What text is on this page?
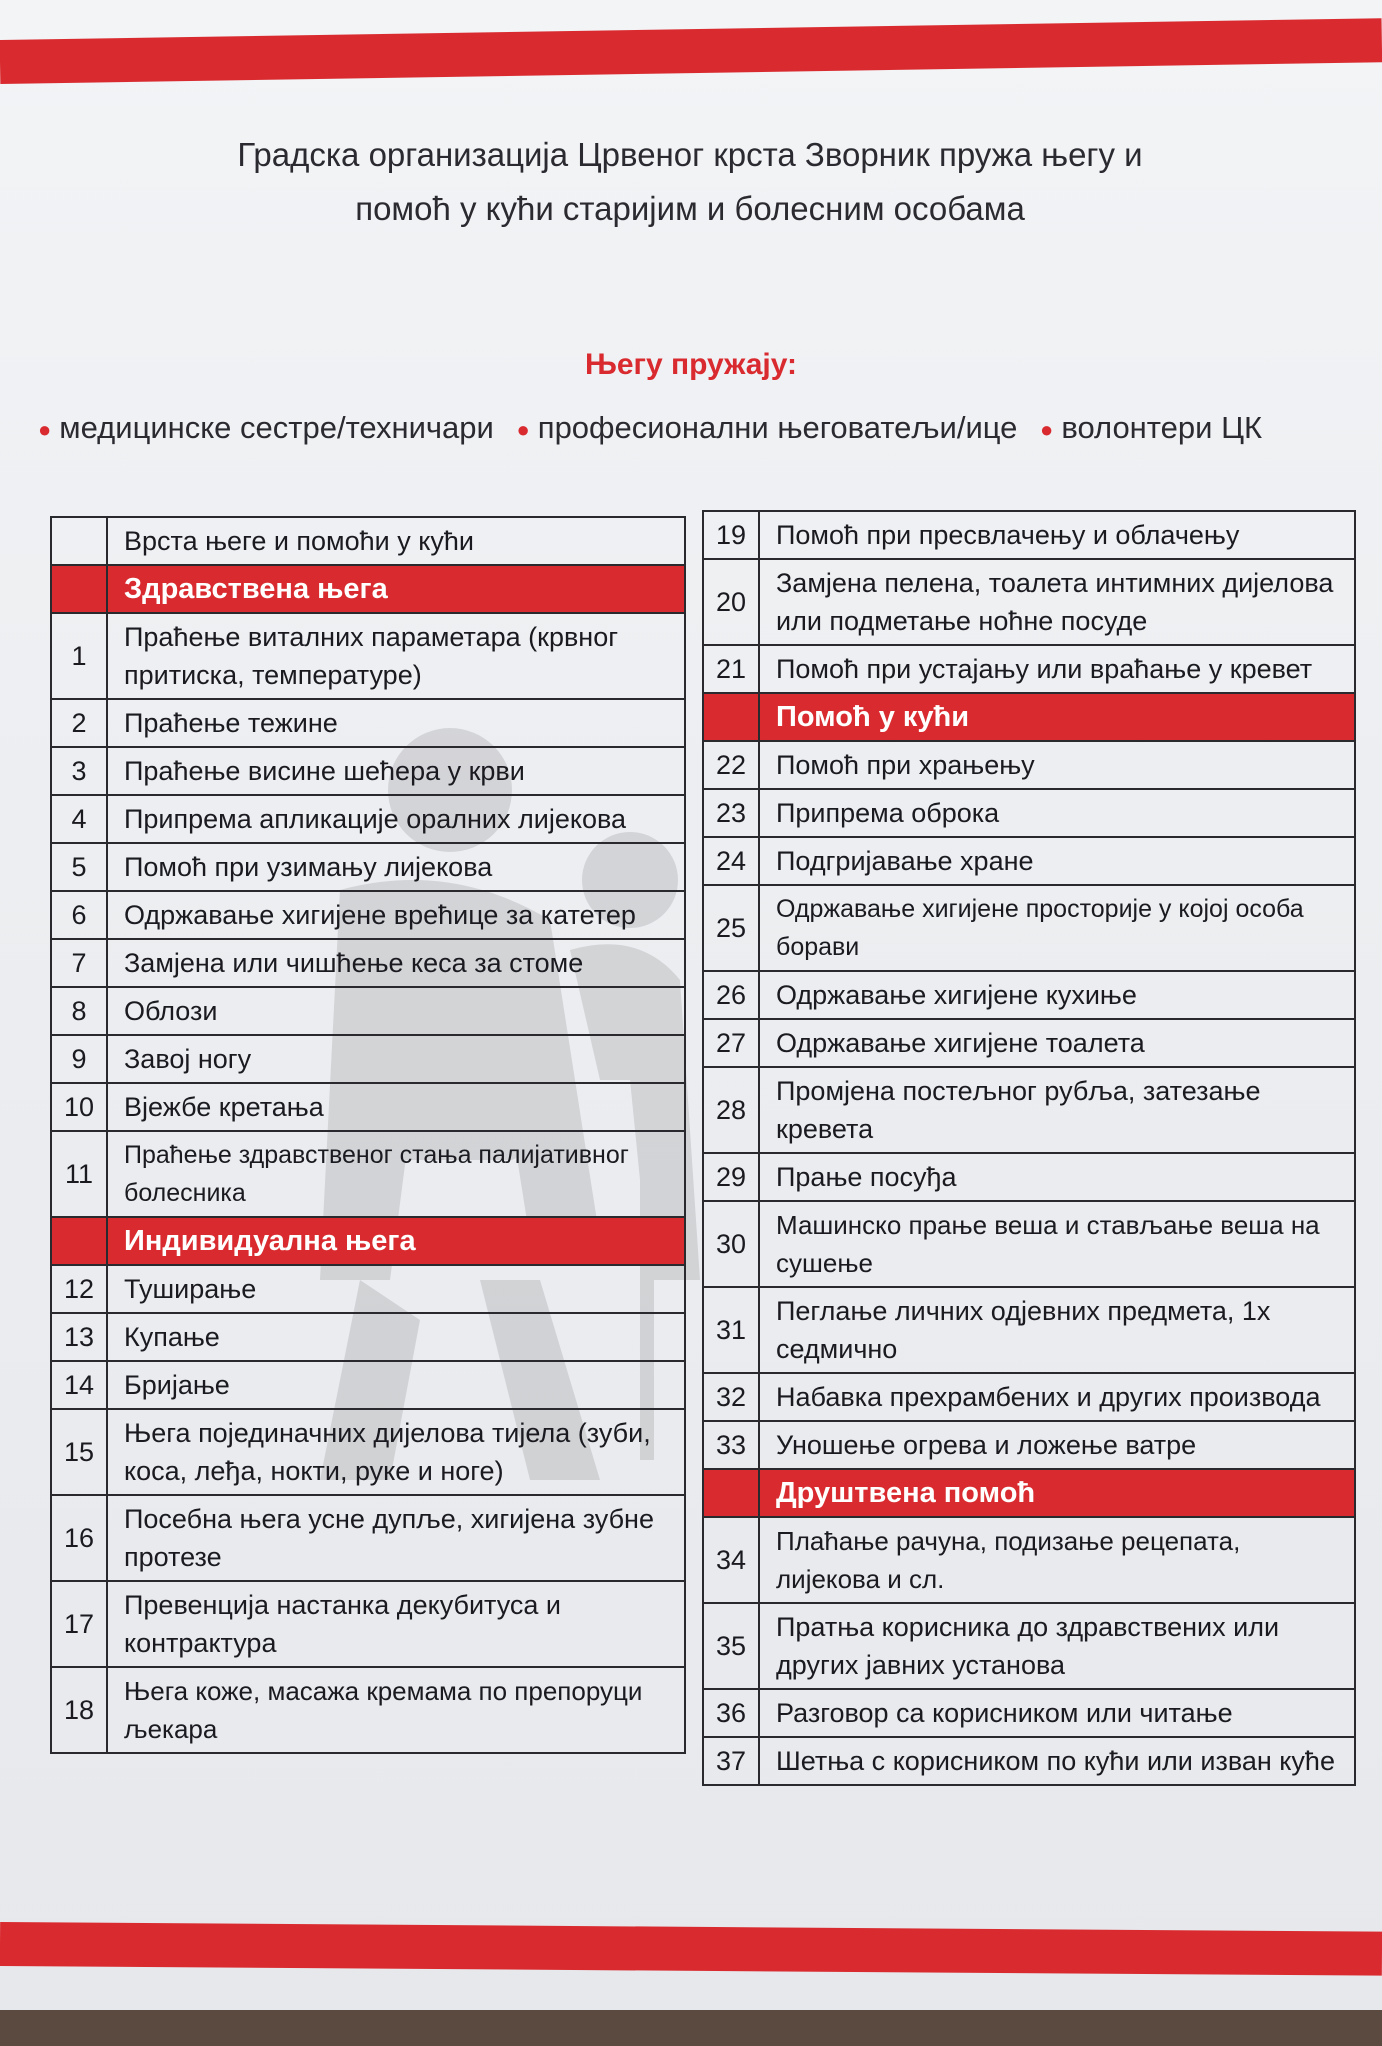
Градска организација Црвеног крста Зворник пружа његу и
помоћ у кући старијим и болесним особама
Његу пружају:
● медицинске сестре/техничари ● професионални његоватељи/ице ● волонтери ЦК
	Врста његе и помоћи у кући
	Здравствена њега
1	Праћење виталних параметара (крвног притиска, температуре)
2	Праћење тежине
3	Праћење висине шећера у крви
4	Припрема апликације оралних лијекова
5	Помоћ при узимању лијекова
6	Одржавање хигијене врећице за катетер
7	Замјена или чишћење кеса за стоме
8	Облози
9	Завој ногу
10	Вјежбе кретања
11	Праћење здравственог стања палијативног болесника
	Индивидуална њега
12	Туширање
13	Купање
14	Бријање
15	Њега појединачних дијелова тијела (зуби, коса, леђа, нокти, руке и ноге)
16	Посебна њега усне дупље, хигијена зубне протезе
17	Превенција настанка декубитуса и контрактура
18	Њега коже, масажа кремама по препоруци љекара
19	Помоћ при пресвлачењу и облачењу
20	Замјена пелена, тоалета интимних дијелова или подметање ноћне посуде
21	Помоћ при устајању или враћање у кревет
	Помоћ у кући
22	Помоћ при храњењу
23	Припрема оброка
24	Подгријавање хране
25	Одржавање хигијене просторије у којој особа борави
26	Одржавање хигијене кухиње
27	Одржавање хигијене тоалета
28	Промјена постељног рубља, затезање кревета
29	Прање посуђа
30	Машинско прање веша и стављање веша на сушење
31	Пеглање личних одјевних предмета, 1х седмично
32	Набавка прехрамбених и других производа
33	Уношење огрева и ложење ватре
	Друштвена помоћ
34	Плаћање рачуна, подизање рецепата, лијекова и сл.
35	Пратња корисника до здравствених или других јавних установа
36	Разговор са корисником или читање
37	Шетња с корисником по кући или изван куће
